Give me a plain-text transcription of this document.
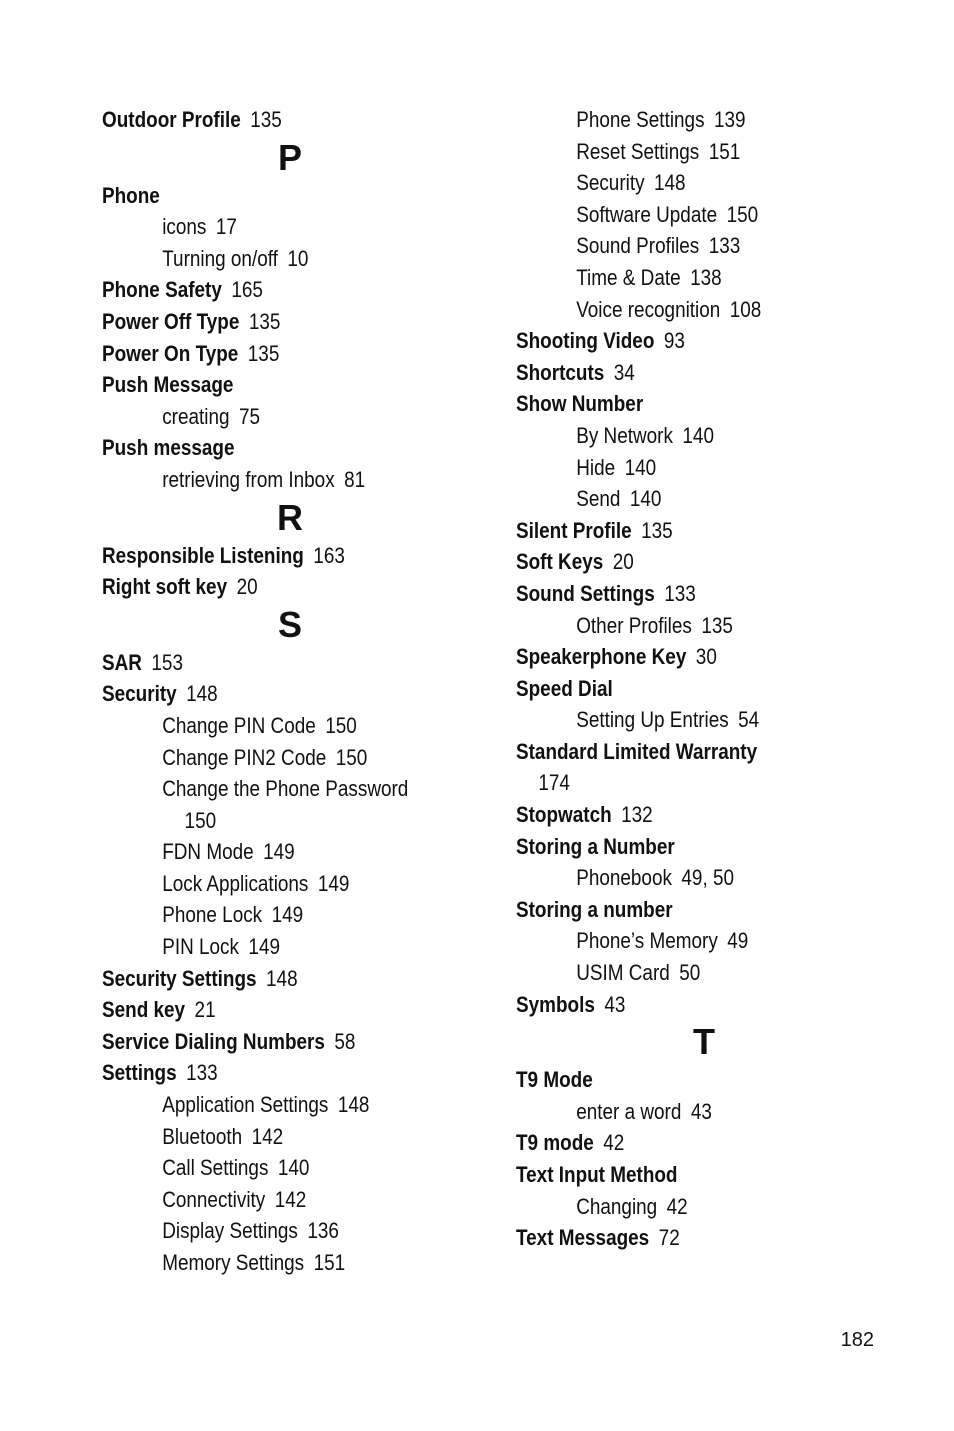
Outdoor Profile 135
P
Phone
icons 17
Turning on/off 10
Phone Safety 165
Power Off Type 135
Power On Type 135
Push Message
creating 75
Push message
retrieving from Inbox 81
R
Responsible Listening 163
Right soft key 20
S
SAR 153
Security 148
Change PIN Code 150
Change PIN2 Code 150
Change the Phone Password
150
FDN Mode 149
Lock Applications 149
Phone Lock 149
PIN Lock 149
Security Settings 148
Send key 21
Service Dialing Numbers 58
Settings 133
Application Settings 148
Bluetooth 142
Call Settings 140
Connectivity 142
Display Settings 136
Memory Settings 151
Phone Settings 139
Reset Settings 151
Security 148
Software Update 150
Sound Profiles 133
Time & Date 138
Voice recognition 108
Shooting Video 93
Shortcuts 34
Show Number
By Network 140
Hide 140
Send 140
Silent Profile 135
Soft Keys 20
Sound Settings 133
Other Profiles 135
Speakerphone Key 30
Speed Dial
Setting Up Entries 54
Standard Limited Warranty
174
Stopwatch 132
Storing a Number
Phonebook 49, 50
Storing a number
Phone’s Memory 49
USIM Card 50
Symbols 43
T
T9 Mode
enter a word 43
T9 mode 42
Text Input Method
Changing 42
Text Messages 72
182
